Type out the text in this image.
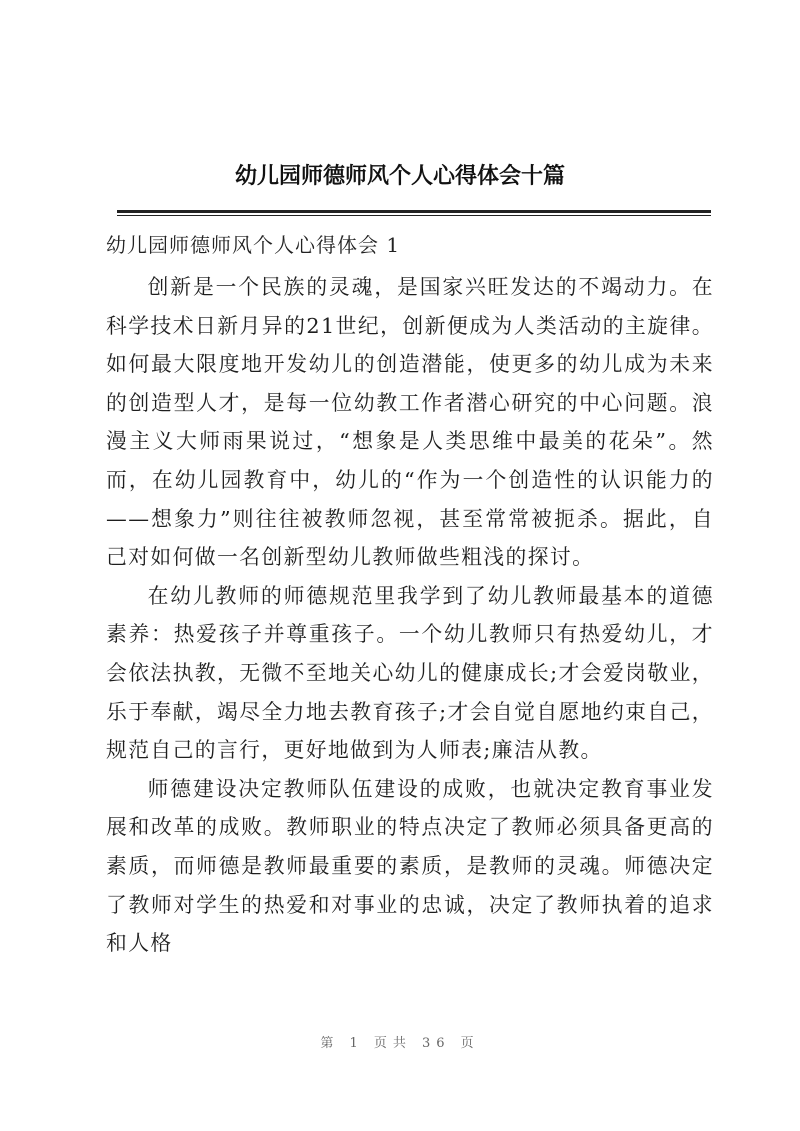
幼儿园师德师风个人心得体会十篇
幼儿园师德师风个人心得体会 1

创新是一个民族的灵魂，是国家兴旺发达的不竭动力。在科学技术日新月异的21世纪，创新便成为人类活动的主旋律。如何最大限度地开发幼儿的创造潜能，使更多的幼儿成为未来的创造型人才，是每一位幼教工作者潜心研究的中心问题。浪漫主义大师雨果说过，“想象是人类思维中最美的花朵”。然而，在幼儿园教育中，幼儿的“作为一个创造性的认识能力的——想象力”则往往被教师忽视，甚至常常被扼杀。据此，自己对如何做一名创新型幼儿教师做些粗浅的探讨。

在幼儿教师的师德规范里我学到了幼儿教师最基本的道德素养：热爱孩子并尊重孩子。一个幼儿教师只有热爱幼儿，才会依法执教，无微不至地关心幼儿的健康成长;才会爱岗敬业，乐于奉献，竭尽全力地去教育孩子;才会自觉自愿地约束自己，规范自己的言行，更好地做到为人师表;廉洁从教。

师德建设决定教师队伍建设的成败，也就决定教育事业发展和改革的成败。教师职业的特点决定了教师必须具备更高的素质，而师德是教师最重要的素质，是教师的灵魂。师德决定了教师对学生的热爱和对事业的忠诚，决定了教师执着的追求和人格

第 1 页共 36 页
